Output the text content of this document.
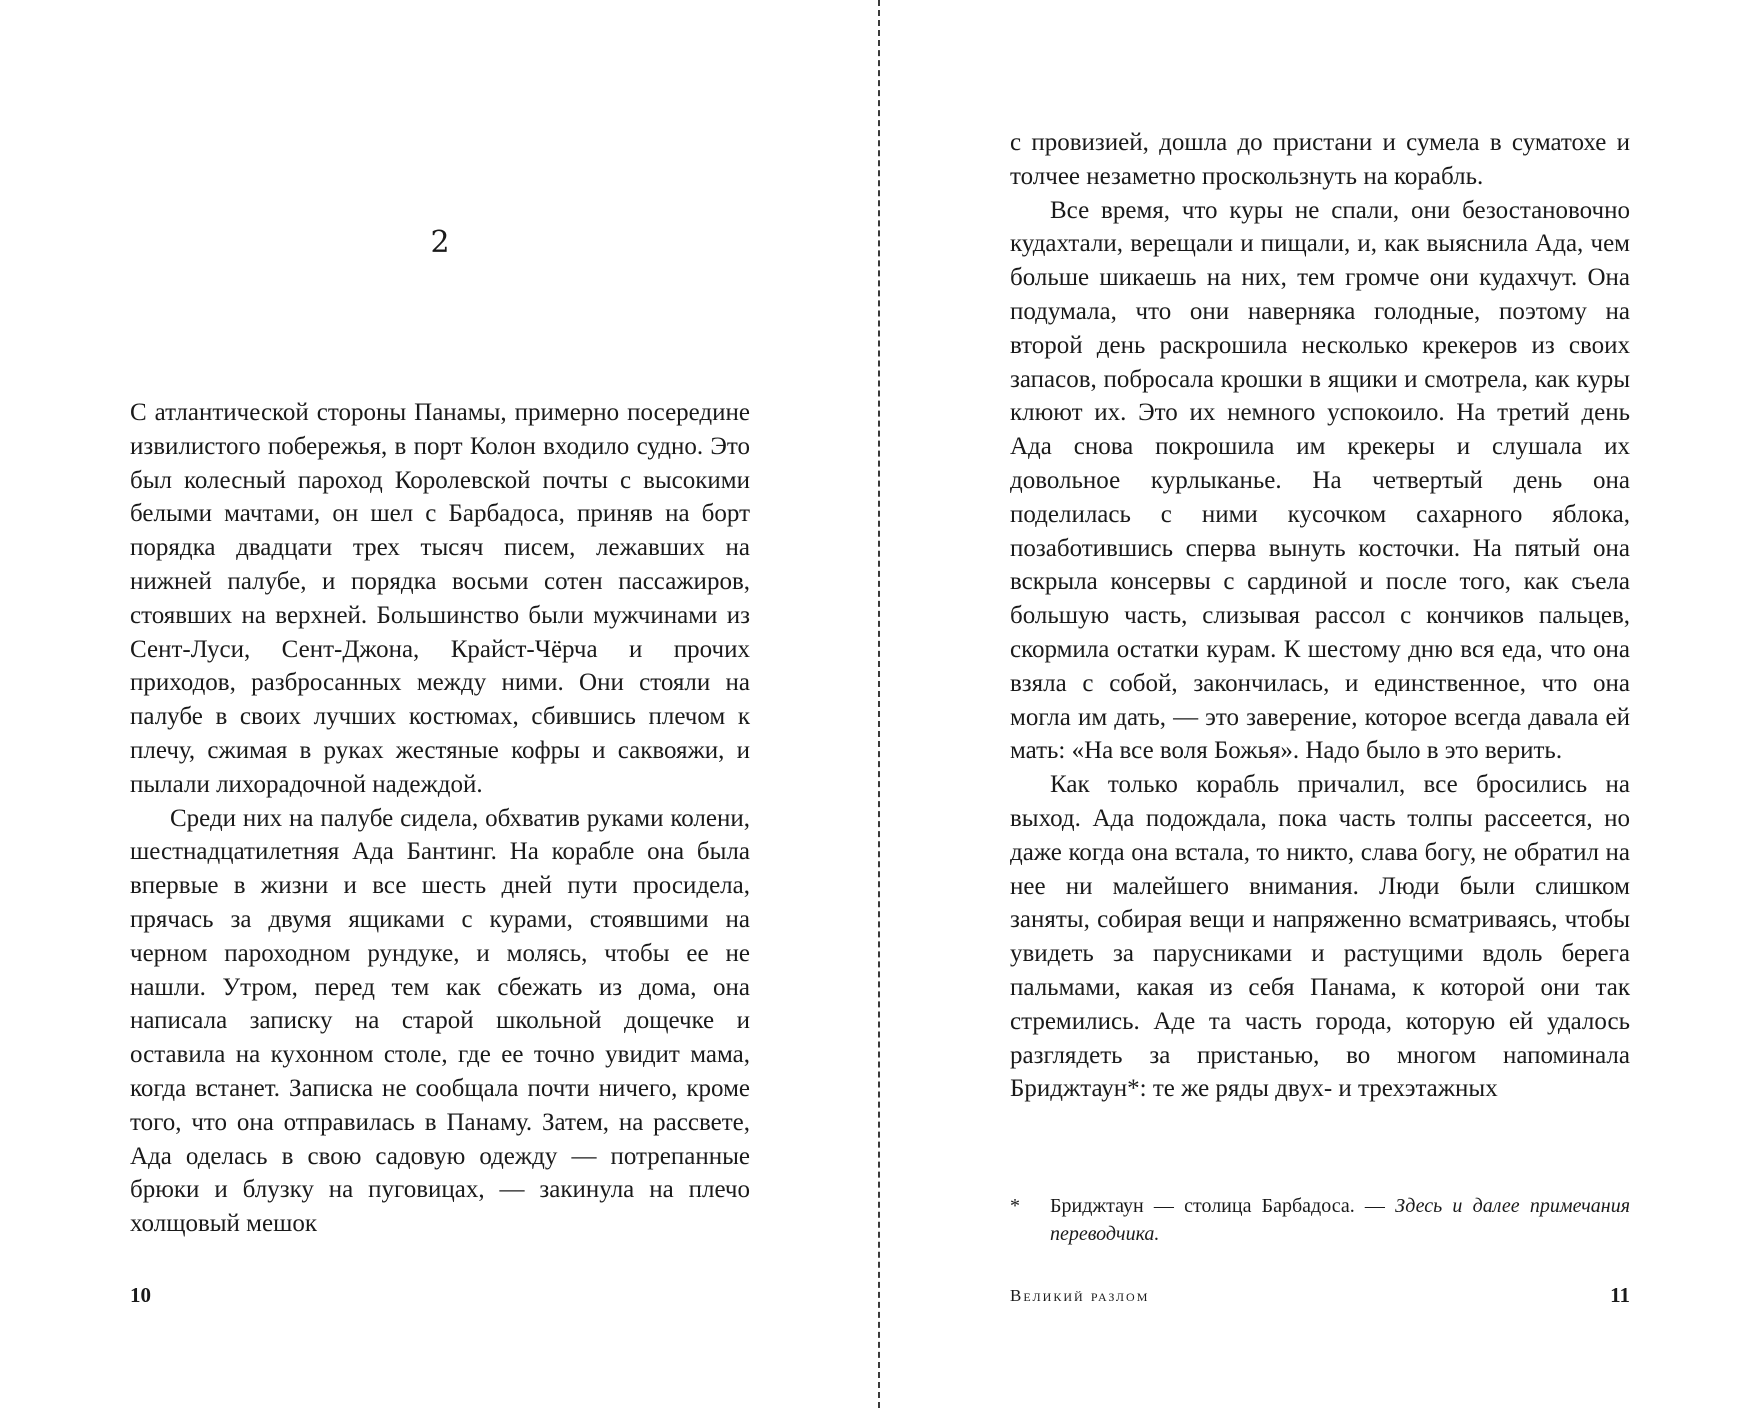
2

С атлантической стороны Панамы, примерно посередине извилистого побережья, в порт Колон входило судно. Это был колесный пароход Королевской почты с высокими белыми мачтами, он шел с Барбадоса, приняв на борт порядка двадцати трех тысяч писем, лежавших на нижней палубе, и порядка восьми сотен пассажиров, стоявших на верхней. Большинство были мужчинами из Сент-Луси, Сент-Джона, Крайст-Чёрча и прочих приходов, разбросанных между ними. Они стояли на палубе в своих лучших костюмах, сбившись плечом к плечу, сжимая в руках жестяные кофры и саквояжи, и пылали лихорадочной надеждой.

Среди них на палубе сидела, обхватив руками колени, шестнадцатилетняя Ада Бантинг. На корабле она была впервые в жизни и все шесть дней пути просидела, прячась за двумя ящиками с курами, стоявшими на черном пароходном рундуке, и молясь, чтобы ее не нашли. Утром, перед тем как сбежать из дома, она написала записку на старой школьной дощечке и оставила на кухонном столе, где ее точно увидит мама, когда встанет. Записка не сообщала почти ничего, кроме того, что она отправилась в Панаму. Затем, на рассвете, Ада оделась в свою садовую одежду — потрепанные брюки и блузку на пуговицах, — закинула на плечо холщовый мешок

10

с провизией, дошла до пристани и сумела в суматохе и толчее незаметно проскользнуть на корабль.

Все время, что куры не спали, они безостановочно кудахтали, верещали и пищали, и, как выяснила Ада, чем больше шикаешь на них, тем громче они кудахчут. Она подумала, что они наверняка голодные, поэтому на второй день раскрошила несколько крекеров из своих запасов, побросала крошки в ящики и смотрела, как куры клюют их. Это их немного успокоило. На третий день Ада снова покрошила им крекеры и слушала их довольное курлыканье. На четвертый день она поделилась с ними кусочком сахарного яблока, позаботившись сперва вынуть косточки. На пятый она вскрыла консервы с сардиной и после того, как съела большую часть, слизывая рассол с кончиков пальцев, скормила остатки курам. К шестому дню вся еда, что она взяла с собой, закончилась, и единственное, что она могла им дать, — это заверение, которое всегда давала ей мать: «На все воля Божья». Надо было в это верить.

Как только корабль причалил, все бросились на выход. Ада подождала, пока часть толпы рассеется, но даже когда она встала, то никто, слава богу, не обратил на нее ни малейшего внимания. Люди были слишком заняты, собирая вещи и напряженно всматриваясь, чтобы увидеть за парусниками и растущими вдоль берега пальмами, какая из себя Панама, к которой они так стремились. Аде та часть города, которую ей удалось разглядеть за пристанью, во многом напоминала Бриджтаун*: те же ряды двух- и трехэтажных

* Бриджтаун — столица Барбадоса. — Здесь и далее примечания переводчика.
Великий разлом	11
